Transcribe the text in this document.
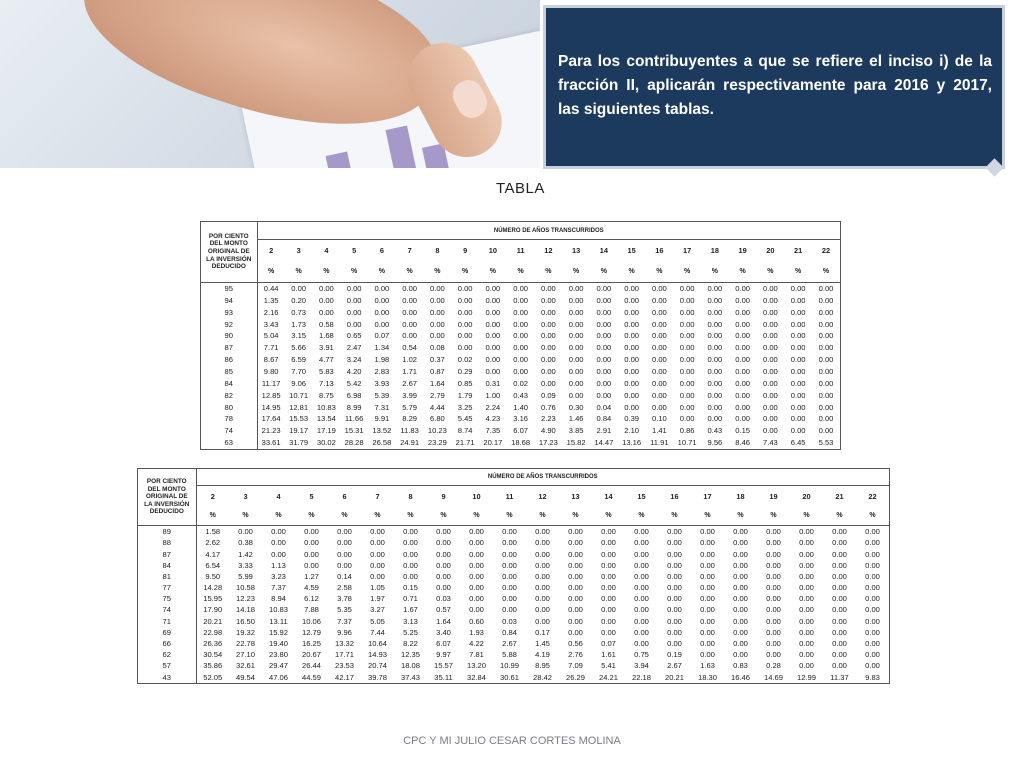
Para los contribuyentes a que se refiere el inciso i) de la fracción II, aplicarán respectivamente para 2016 y 2017, las siguientes tablas.

TABLA
POR CIENTO
DEL MONTO
ORIGINAL DE
LA INVERSIÓN
DEDUCIDO	NÚMERO DE AÑOS TRANSCURRIDOS																				
	2	3	4	5	6	7	8	9	10	11	12	13	14	15	16	17	18	19	20	21	22
	%	%	%	%	%	%	%	%	%	%	%	%	%	%	%	%	%	%	%	%	%
95	0.44	0.00	0.00	0.00	0.00	0.00	0.00	0.00	0.00	0.00	0.00	0.00	0.00	0.00	0.00	0.00	0.00	0.00	0.00	0.00	0.00
94	1.35	0.20	0.00	0.00	0.00	0.00	0.00	0.00	0.00	0.00	0.00	0.00	0.00	0.00	0.00	0.00	0.00	0.00	0.00	0.00	0.00
93	2.16	0.73	0.00	0.00	0.00	0.00	0.00	0.00	0.00	0.00	0.00	0.00	0.00	0.00	0.00	0.00	0.00	0.00	0.00	0.00	0.00
92	3.43	1.73	0.58	0.00	0.00	0.00	0.00	0.00	0.00	0.00	0.00	0.00	0.00	0.00	0.00	0.00	0.00	0.00	0.00	0.00	0.00
90	5.04	3.15	1.68	0.65	0.07	0.00	0.00	0.00	0.00	0.00	0.00	0.00	0.00	0.00	0.00	0.00	0.00	0.00	0.00	0.00	0.00
87	7.71	5.66	3.91	2.47	1.34	0.54	0.08	0.00	0.00	0.00	0.00	0.00	0.00	0.00	0.00	0.00	0.00	0.00	0.00	0.00	0.00
86	8.67	6.59	4.77	3.24	1.98	1.02	0.37	0.02	0.00	0.00	0.00	0.00	0.00	0.00	0.00	0.00	0.00	0.00	0.00	0.00	0.00
85	9.80	7.70	5.83	4.20	2.83	1.71	0.87	0.29	0.00	0.00	0.00	0.00	0.00	0.00	0.00	0.00	0.00	0.00	0.00	0.00	0.00
84	11.17	9.06	7.13	5.42	3.93	2.67	1.64	0.85	0.31	0.02	0.00	0.00	0.00	0.00	0.00	0.00	0.00	0.00	0.00	0.00	0.00
82	12.85	10.71	8.75	6.98	5.39	3.99	2.79	1.79	1.00	0.43	0.09	0.00	0.00	0.00	0.00	0.00	0.00	0.00	0.00	0.00	0.00
80	14.95	12.81	10.83	8.99	7.31	5.79	4.44	3.25	2.24	1.40	0.76	0.30	0.04	0.00	0.00	0.00	0.00	0.00	0.00	0.00	0.00
78	17.64	15.53	13.54	11.66	9.91	8.29	6.80	5.45	4.23	3.16	2.23	1.46	0.84	0.39	0.10	0.00	0.00	0.00	0.00	0.00	0.00
74	21.23	19.17	17.19	15.31	13.52	11.83	10.23	8.74	7.35	6.07	4.90	3.85	2.91	2.10	1.41	0.86	0.43	0.15	0.00	0.00	0.00
63	33.61	31.79	30.02	28.28	26.58	24.91	23.29	21.71	20.17	18.68	17.23	15.82	14.47	13.16	11.91	10.71	9.56	8.46	7.43	6.45	5.53
POR CIENTO
DEL MONTO
ORIGINAL DE
LA INVERSIÓN
DEDUCIDO	NÚMERO DE AÑOS TRANSCURRIDOS																				
	2	3	4	5	6	7	8	9	10	11	12	13	14	15	16	17	18	19	20	21	22
	%	%	%	%	%	%	%	%	%	%	%	%	%	%	%	%	%	%	%	%	%
89	1.58	0.00	0.00	0.00	0.00	0.00	0.00	0.00	0.00	0.00	0.00	0.00	0.00	0.00	0.00	0.00	0.00	0.00	0.00	0.00	0.00
88	2.62	0.38	0.00	0.00	0.00	0.00	0.00	0.00	0.00	0.00	0.00	0.00	0.00	0.00	0.00	0.00	0.00	0.00	0.00	0.00	0.00
87	4.17	1.42	0.00	0.00	0.00	0.00	0.00	0.00	0.00	0.00	0.00	0.00	0.00	0.00	0.00	0.00	0.00	0.00	0.00	0.00	0.00
84	6.54	3.33	1.13	0.00	0.00	0.00	0.00	0.00	0.00	0.00	0.00	0.00	0.00	0.00	0.00	0.00	0.00	0.00	0.00	0.00	0.00
81	9.50	5.99	3.23	1.27	0.14	0.00	0.00	0.00	0.00	0.00	0.00	0.00	0.00	0.00	0.00	0.00	0.00	0.00	0.00	0.00	0.00
77	14.28	10.58	7.37	4.59	2.58	1.05	0.15	0.00	0.00	0.00	0.00	0.00	0.00	0.00	0.00	0.00	0.00	0.00	0.00	0.00	0.00
75	15.95	12.23	8.94	6.12	3.78	1.97	0.71	0.03	0.00	0.00	0.00	0.00	0.00	0.00	0.00	0.00	0.00	0.00	0.00	0.00	0.00
74	17.90	14.18	10.83	7.88	5.35	3.27	1.67	0.57	0.00	0.00	0.00	0.00	0.00	0.00	0.00	0.00	0.00	0.00	0.00	0.00	0.00
71	20.21	16.50	13.11	10.06	7.37	5.05	3.13	1.64	0.60	0.03	0.00	0.00	0.00	0.00	0.00	0.00	0.00	0.00	0.00	0.00	0.00
69	22.98	19.32	15.92	12.79	9.96	7.44	5.25	3.40	1.93	0.84	0.17	0.00	0.00	0.00	0.00	0.00	0.00	0.00	0.00	0.00	0.00
66	26.36	22.78	19.40	16.25	13.32	10.64	8.22	6.07	4.22	2.67	1.45	0.56	0.07	0.00	0.00	0.00	0.00	0.00	0.00	0.00	0.00
62	30.54	27.10	23.80	20.67	17.71	14.93	12.35	9.97	7.81	5.88	4.19	2.76	1.61	0.75	0.19	0.00	0.00	0.00	0.00	0.00	0.00
57	35.86	32.61	29.47	26.44	23.53	20.74	18.08	15.57	13.20	10.99	8.95	7.09	5.41	3.94	2.67	1.63	0.83	0.28	0.00	0.00	0.00
43	52.05	49.54	47.06	44.59	42.17	39.78	37.43	35.11	32.84	30.61	28.42	26.29	24.21	22.18	20.21	18.30	16.46	14.69	12.99	11.37	9.83
CPC Y MI JULIO CESAR CORTES MOLINA
